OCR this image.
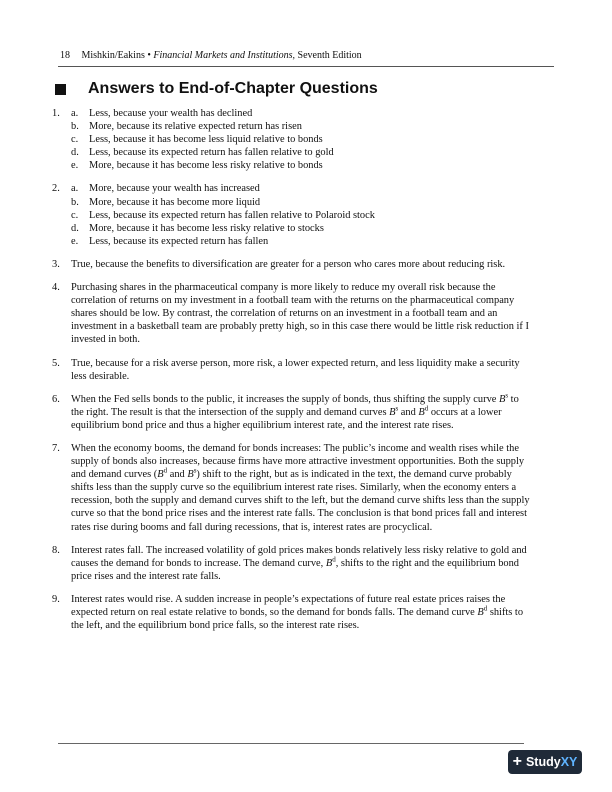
18 Mishkin/Eakins • Financial Markets and Institutions, Seventh Edition
Answers to End-of-Chapter Questions
1.	a.	Less, because your wealth has declined
b. More, because its relative expected return has risen
c.	Less, because it has become less liquid relative to bonds
d. Less, because its expected return has fallen relative to gold
e.	More, because it has become less risky relative to bonds
2.	a.	More, because your wealth has increased
b. More, because it has become more liquid
c.	Less, because its expected return has fallen relative to Polaroid stock
d. More, because it has become less risky relative to stocks
e.	Less, because its expected return has fallen
3.	True, because the benefits to diversification are greater for a person who cares more about reducing risk.
4.	Purchasing shares in the pharmaceutical company is more likely to reduce my overall risk because the correlation of returns on my investment in a football team with the returns on the pharmaceutical company shares should be low. By contrast, the correlation of returns on an investment in a football team and an investment in a basketball team are probably pretty high, so in this case there would be little risk reduction if I invested in both.
5.	True, because for a risk averse person, more risk, a lower expected return, and less liquidity make a security less desirable.
6.	When the Fed sells bonds to the public, it increases the supply of bonds, thus shifting the supply curve $B^s$ to the right. The result is that the intersection of the supply and demand curves $B^s$ and $B^d$ occurs at a lower equilibrium bond price and thus a higher equilibrium interest rate, and the interest rate rises.
7.	When the economy booms, the demand for bonds increases: The public’s income and wealth rises while the supply of bonds also increases, because firms have more attractive investment opportunities. Both the supply and demand curves ($B^d$ and $B^s$) shift to the right, but as is indicated in the text, the demand curve probably shifts less than the supply curve so the equilibrium interest rate rises. Similarly, when the economy enters a recession, both the supply and demand curves shift to the left, but the demand curve shifts less than the supply curve so that the bond price rises and the interest rate falls. The conclusion is that bond prices fall and interest rates rise during booms and fall during recessions, that is, interest rates are procyclical.
8.	Interest rates fall. The increased volatility of gold prices makes bonds relatively less risky relative to gold and causes the demand for bonds to increase. The demand curve, $B^d$, shifts to the right and the equilibrium bond price rises and the interest rate falls.
9.	Interest rates would rise. A sudden increase in people’s expectations of future real estate prices raises the expected return on real estate relative to bonds, so the demand for bonds falls. The demand curve $B^d$ shifts to the left, and the equilibrium bond price falls, so the interest rate rises.
+ Study XY
